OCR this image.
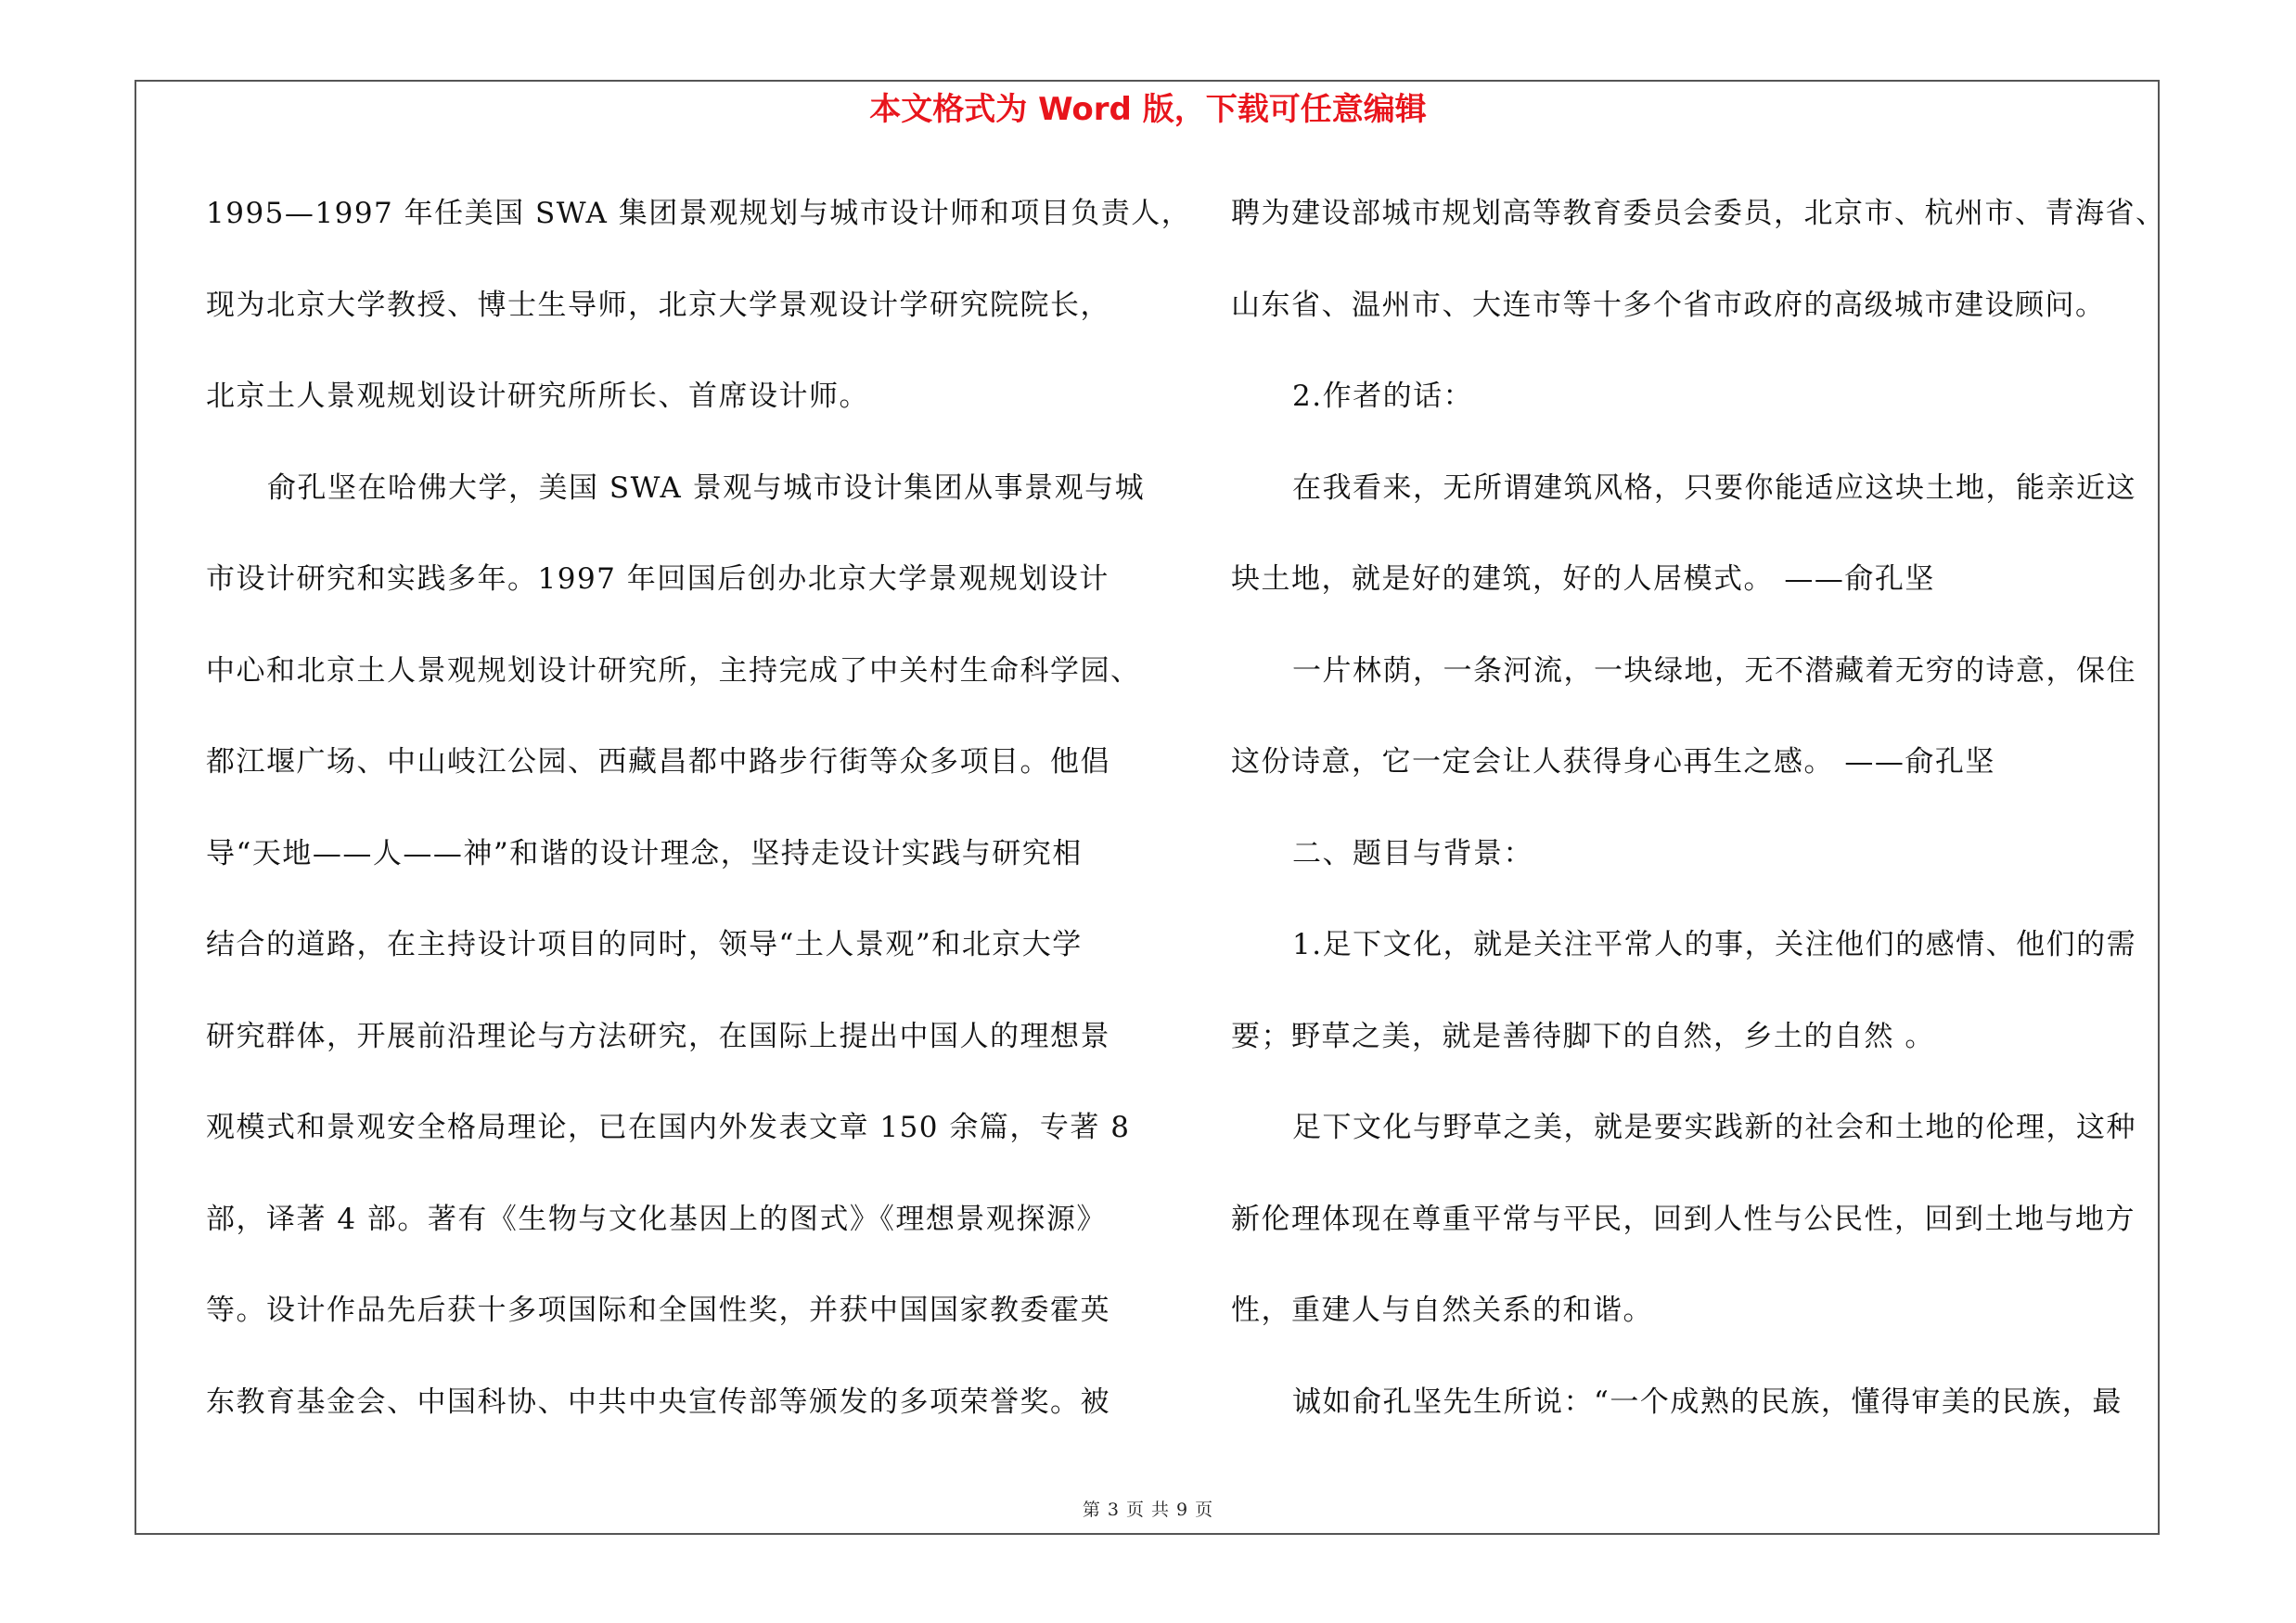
本文格式为 Word 版，下载可任意编辑
1995—1997 年任美国 SWA 集团景观规划与城市设计师和项目负责人，
现为北京大学教授、博士生导师，北京大学景观设计学研究院院长，
北京土人景观规划设计研究所所长、首席设计师。
俞孔坚在哈佛大学，美国 SWA 景观与城市设计集团从事景观与城
市设计研究和实践多年。1997 年回国后创办北京大学景观规划设计
中心和北京土人景观规划设计研究所，主持完成了中关村生命科学园、
都江堰广场、中山岐江公园、西藏昌都中路步行街等众多项目。他倡
导“天地——人——神”和谐的设计理念，坚持走设计实践与研究相
结合的道路，在主持设计项目的同时，领导“土人景观”和北京大学
研究群体，开展前沿理论与方法研究，在国际上提出中国人的理想景
观模式和景观安全格局理论，已在国内外发表文章 150 余篇，专著 8
部，译著 4 部。著有《生物与文化基因上的图式》《理想景观探源》
等。设计作品先后获十多项国际和全国性奖，并获中国国家教委霍英
东教育基金会、中国科协、中共中央宣传部等颁发的多项荣誉奖。被
聘为建设部城市规划高等教育委员会委员，北京市、杭州市、青海省、
山东省、温州市、大连市等十多个省市政府的高级城市建设顾问。
2.作者的话：
在我看来，无所谓建筑风格，只要你能适应这块土地，能亲近这
块土地，就是好的建筑，好的人居模式。 ——俞孔坚
一片林荫，一条河流，一块绿地，无不潜藏着无穷的诗意，保住
这份诗意，它一定会让人获得身心再生之感。 ——俞孔坚
二、题目与背景：
1.足下文化，就是关注平常人的事，关注他们的感情、他们的需
要；野草之美，就是善待脚下的自然，乡土的自然 。
足下文化与野草之美，就是要实践新的社会和土地的伦理，这种
新伦理体现在尊重平常与平民，回到人性与公民性，回到土地与地方
性，重建人与自然关系的和谐。
诚如俞孔坚先生所说：“一个成熟的民族，懂得审美的民族，最
第 3 页 共 9 页
